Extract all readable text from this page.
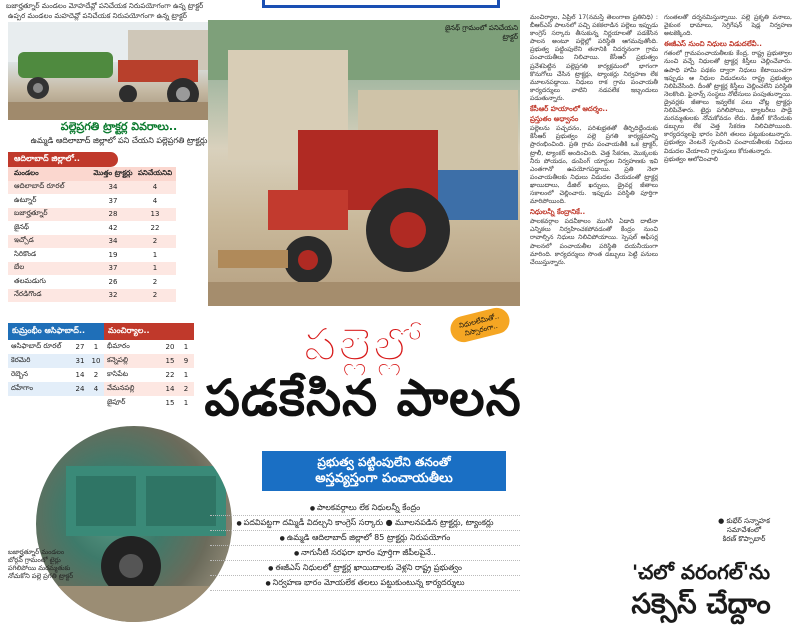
బజార్హత్నూర్ మండలం మోహదేవ్లో పనిచేయక నిరుపయోగంగా ఉన్న ట్రాక్టర్
ఉప్పర మండలం మహదెవ్లో పనిచేయక నిరుపయోగంగా ఉన్న ట్రాక్టర్
పల్లెప్రగతి ట్రాక్టర్ల వివరాలు..
ఉమ్మడి ఆదిలాబాద్ జిల్లాలో పని చేయని పల్లెప్రగతి ట్రాక్టర్లు
ఆదిలాబాద్ జిల్లాలో..
మండలం	మొత్తం ట్రాక్టర్లు పనిచేయనివి
ఆదిలాబాద్ రూరల్	34	4
ఉట్నూర్	37	4
బజార్హత్నూర్	28	13
జైనథ్	42	22
ఇచ్చోడ	34	2
సిరికొండ	19	1
బేల	37	1
తలమడుగు	26	2
నేరడిగొండ	32	2
కుమ్రంభీం ఆసిఫాబాద్..
ఆసిఫాబాద్ రూరల్	27	1
కెరమెరి	31	10
రెబ్బెన	14	2
దహేగాం	24	4
మంచిర్యాల..
భీమారం	20	1
కన్నెపల్లి	15	9
కాసిపేట	22	1
వేమనపల్లి	14	2
జైపూర్	15	1
బజార్హత్నూర్ మండలం బోర్గవ్ గ్రామంలో టైర్లు పగిలిపోయి మరమ్మతుకు నోచుకోని పల్లె ప్రగతి ట్రాక్టర్
జైనథ్ గ్రామంలో పనిచేయని ట్రాక్టర్
నిధులలేమితో.. నిస్సారంగా..
పల్లెల్లో
పడకేసిన పాలన
ప్రభుత్వ పట్టింపులేని తనంతో
అస్తవ్యస్తంగా పంచాయతీలు
● పాలకవర్గాలు లేక నిధులన్నీ కేంద్రం
● పదవిపట్టగా దమ్మిడీ విదల్చని కాంగ్రెస్ సర్కారు ● మూలనపడిన ట్రాక్టర్లు, ట్యాంకర్లు
● ఉమ్మడి ఆదిలాబాద్ జిల్లాలో 85 ట్రాక్టర్లు నిరుపయోగం
● నాగునీటి సరఫరా భారం పూర్తిగా జీపీలపైనే..
● ఈజీఎస్ నిధులలో ట్రాక్టర్ల ఖాయిదాలకు వెళ్లని రాష్ట్ర ప్రభుత్వం
● నిర్వహణ భారం మోయలేక తలలు పట్టుకుంటున్న కార్యదర్శులు

మంచిర్యాల, ఏప్రిల్ 17(నమస్తే తెలంగాణ ప్రతినిధి) : బీఆర్ఎస్ పాలనలో పచ్చి పకకలాడిన పల్లెలు ఇప్పుడు కాంగ్రెస్ సర్కారు తీసుకున్న నిర్ణయాలతో పడకేసిన పాలన అంటూ పల్లెల్లో పరిస్థితి ఆగమవుతోంది. ప్రభుత్వ పట్టింపులేని తనానికి నిదర్శనంగా గ్రామ పంచాయతీలు నిలిచాయి. కేసీఆర్ ప్రభుత్వం ప్రవేశపెట్టిన పల్లెప్రగతి కార్యక్రమంలో భాగంగా కొనుగోలు చేసిన ట్రాక్టర్లు, ట్యాంకర్లు నిర్వహణ లేక మూలనపడ్డాయి. నిధులు రాక గ్రామ పంచాయతీ కార్యదర్శులు వాటిని నడపలేక ఇబ్బందులు పడుతున్నారు.

కేసీఆర్ హయాంలో ఆదర్శం..
ప్రస్తుతం అధ్వానం

పల్లెలను పచ్చదనం, పరిశుభ్రతతో తీర్చిదిద్దేందుకు కేసీఆర్ ప్రభుత్వం పల్లె ప్రగతి కార్యక్రమాన్ని ప్రారంభించింది. ప్రతి గ్రామ పంచాయతీకి ఒక ట్రాక్టర్, ట్రాలీ, ట్యాంకర్ అందించింది. చెత్త సేకరణ, మొక్కలకు నీరు పోయడం, డంపింగ్ యార్డుల నిర్వహణకు ఇవి ఎంతగానో ఉపయోగపడ్డాయి. ప్రతి నెలా పంచాయతీలకు నిధులు విడుదల చేయడంతో ట్రాక్టర్ల ఖాయిదాలు, డీజిల్ ఖర్చులు, డ్రైవర్ల జీతాలు సకాలంలో చెల్లించారు. ఇప్పుడు పరిస్థితి పూర్తిగా మారిపోయింది.

నిధులన్నీ కేంద్రానికే..

పాలకవర్గాల పదవీకాలం ముగిసి ఏడాది దాటినా ఎన్నికలు నిర్వహించకపోవడంతో కేంద్రం నుంచి రావాల్సిన నిధులు నిలిచిపోయాయి. స్పెషల్ ఆఫీసర్ల పాలనలో పంచాయతీల పరిస్థితి దయనీయంగా మారింది. కార్యదర్శులు సొంత డబ్బులు పెట్టి పనులు చేయిస్తున్నారు.

గుంతలతో దర్శనమిస్తున్నాయి. పల్లె ప్రకృతి వనాలు, వైకుంఠ ధామాలు, సెగ్రిగేషన్ షెడ్ల నిర్వహణ అటకెక్కింది.

ఈజీఎస్ నుంచి నిధులు విడుదలేవీ..

గతంలో గ్రామపంచాయతీలకు కేంద్ర, రాష్ట్ర ప్రభుత్వాల నుంచి వచ్చే నిధులతో ట్రాక్టర్ల కిస్తీలు చెల్లించేవారు. ఉపాధి హామీ పథకం ద్వారా నిధులు కేటాయించగా ఇప్పుడు ఆ నిధుల విడుదలను రాష్ట్ర ప్రభుత్వం నిలిపివేసింది. దీంతో ట్రాక్టర్ల కిస్తీలు చెల్లించలేని పరిస్థితి నెలకొంది. ఫైనాన్స్ సంస్థలు నోటీసులు పంపుతున్నాయి. డ్రైవర్లకు జీతాలు ఇవ్వలేక పలు చోట్ల ట్రాక్టర్లు నిలిపివేశారు. టైర్లు పగిలిపోయి, బ్యాటరీలు పాడై మరమ్మతులకు నోచుకోవడం లేదు. డీజిల్ కొనేందుకు డబ్బులు లేక చెత్త సేకరణ నిలిచిపోయింది. కార్యదర్శులపై భారం పెరిగి తలలు పట్టుకుంటున్నారు. ప్రభుత్వం వెంటనే స్పందించి పంచాయతీలకు నిధులు విడుదల చేయాలని గ్రామస్తులు కోరుతున్నారు.

ప్రభుత్వం ఆలోచించాలి

● కుభేర్ సన్నాహక
సమావేశంలో
కిరణ్ కొప్పాబార్
'చలో వరంగల్'ను
సక్సెస్ చేద్దాం
